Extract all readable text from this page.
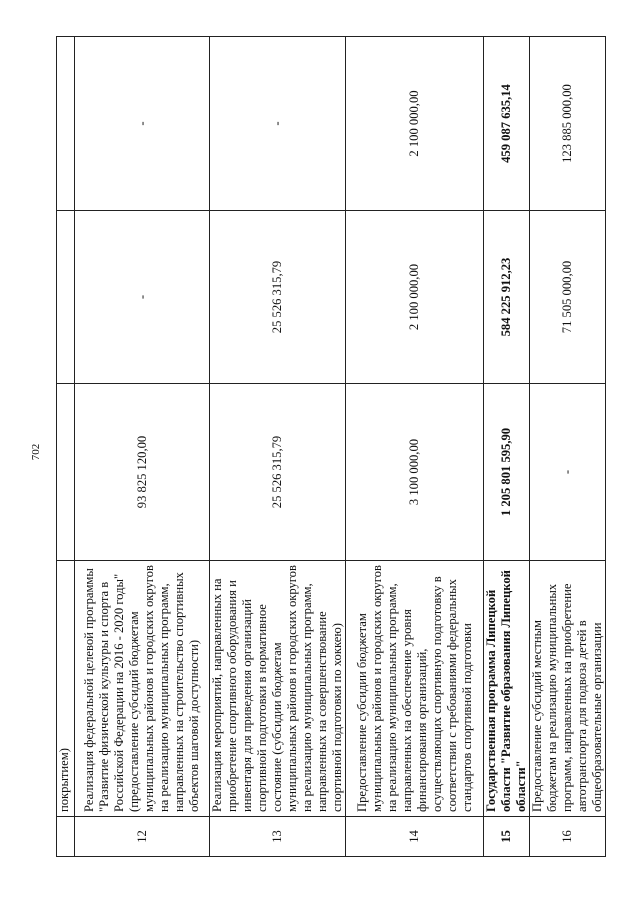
702
	покрытием)			
12	Реализация федеральной целевой программы "Развитие физической культуры и спорта в Российской Федерации на 2016 - 2020 годы" (предоставление субсидий бюджетам муниципальных районов и городских округов на реализацию муниципальных программ, направленных на строительство спортивных объектов шаговой доступности)	93 825 120,00	-	-
13	Реализация мероприятий, направленных на приобретение спортивного оборудования и инвентаря для приведения организаций спортивной подготовки в нормативное состояние (субсидии бюджетам муниципальных районов и городских округов на реализацию муниципальных программ, направленных на совершенствование спортивной подготовки по хоккею)	25 526 315,79	25 526 315,79	-
14	Предоставление субсидии бюджетам муниципальных районов и городских округов на реализацию муниципальных программ, направленных на обеспечение уровня финансирования организаций, осуществляющих спортивную подготовку в соответствии с требованиями федеральных стандартов спортивной подготовки	3 100 000,00	2 100 000,00	2 100 000,00
15	Государственная программа Липецкой области "Развитие образования Липецкой области"	1 205 801 595,90	584 225 912,23	459 087 635,14
16	Предоставление субсидий местным бюджетам на реализацию муниципальных программ, направленных на приобретение автотранспорта для подвоза детей в общеобразовательные организации	-	71 505 000,00	123 885 000,00
